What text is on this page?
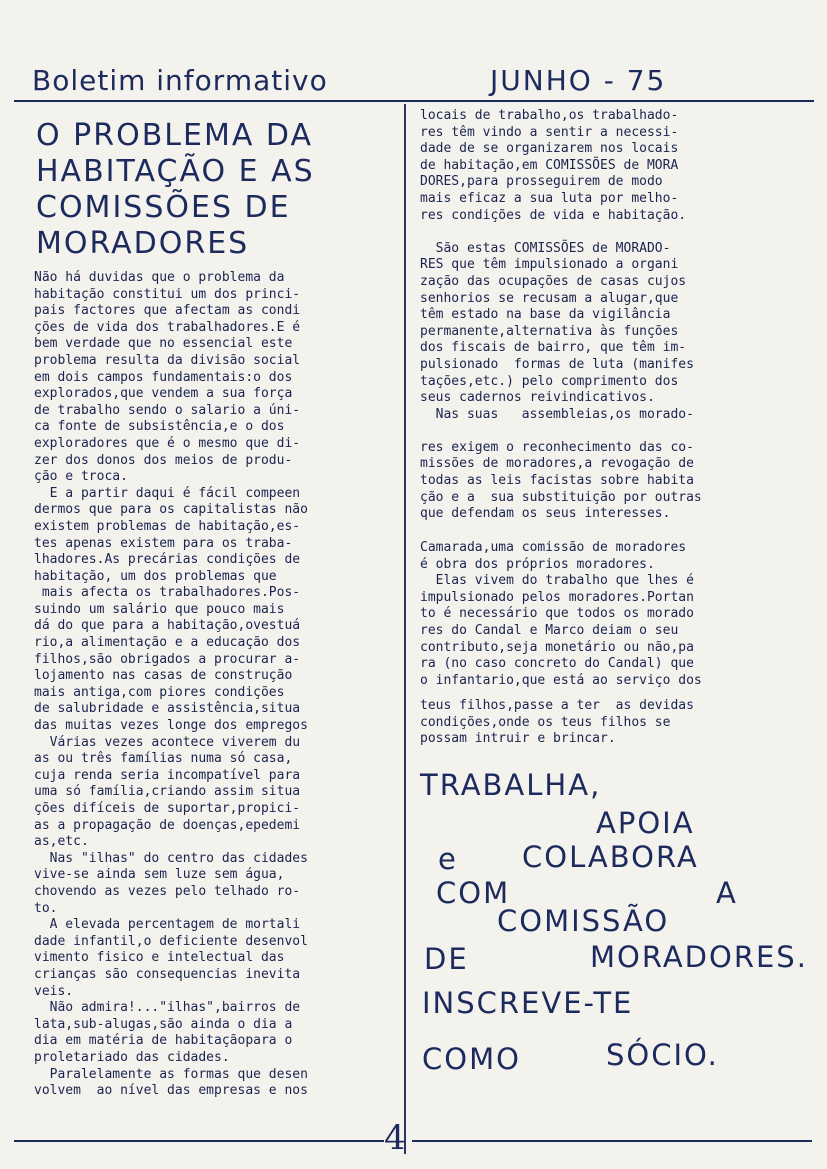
Boletim informativo	JUNHO - 75
O PROBLEMA DA
HABITAÇÃO E AS
COMISSÕES DE
MORADORES
Não há duvidas que o problema da
habitação constitui um dos princi-
pais factores que afectam as condi
ções de vida dos trabalhadores.E é
bem verdade que no essencial este
problema resulta da divisão social
em dois campos fundamentais:o dos
explorados,que vendem a sua força
de trabalho sendo o salario a úni-
ca fonte de subsistência,e o dos
exploradores que é o mesmo que di-
zer dos donos dos meios de produ-
ção e troca.
E a partir daqui é fácil compeen
dermos que para os capitalistas não
existem problemas de habitação,es-
tes apenas existem para os traba-
lhadores.As precárias condições de
habitação, um dos problemas que
mais afecta os trabalhadores.Pos-
suindo um salário que pouco mais
dá do que para a habitação,ovestuá
rio,a alimentação e a educação dos
filhos,são obrigados a procurar a-
lojamento nas casas de construção
mais antiga,com piores condições
de salubridade e assistência,situa
das muitas vezes longe dos empregos
Várias vezes acontece viverem du
as ou três famílias numa só casa,
cuja renda seria incompatível para
uma só família,criando assim situa
ções difíceis de suportar,propici-
as a propagação de doenças,epedemi
as,etc.
Nas "ilhas" do centro das cidades
vive-se ainda sem luze sem água,
chovendo as vezes pelo telhado ro-
to.
A elevada percentagem de mortali
dade infantil,o deficiente desenvol
vimento fisico e intelectual das
crianças são consequencias inevita
veis.
Não admira!..."ilhas",bairros de
lata,sub-alugas,são ainda o dia a
dia em matéria de habitaçãopara o
proletariado das cidades.
Paralelamente as formas que desen
volvem  ao nível das empresas e nos
locais de trabalho,os trabalhado-
res têm vindo a sentir a necessi-
dade de se organizarem nos locais
de habitação,em COMISSÕES de MORA
DORES,para prosseguirem de modo
mais eficaz a sua luta por melho-
res condições de vida e habitação.

São estas COMISSÕES de MORADO-
RES que têm impulsionado a organi
zação das ocupações de casas cujos
senhorios se recusam a alugar,que
têm estado na base da vigilância
permanente,alternativa às funções
dos fiscais de bairro, que têm im-
pulsionado  formas de luta (manifes
tações,etc.) pelo comprimento dos
seus cadernos reivindicativos.
Nas suas   assembleias,os morado-

res exigem o reconhecimento das co-
missões de moradores,a revogação de
todas as leis facistas sobre habita
ção e a  sua substituição por outras
que defendam os seus interesses.
Camarada,uma comissão de moradores
é obra dos próprios moradores.
Elas vivem do trabalho que lhes é
impulsionado pelos moradores.Portan
to é necessário que todos os morado
res do Candal e Marco deiam o seu
contributo,seja monetário ou não,pa
ra (no caso concreto do Candal) que
o infantario,que está ao serviço dos
teus filhos,passe a ter  as devidas
condições,onde os teus filhos se
possam intruir e brincar.
TRABALHA,
APOIA
e COLABORA
COM	A
COMISSÃO
DE	MORADORES.
INSCREVE-TE
COMO	SÓCIO.
4
